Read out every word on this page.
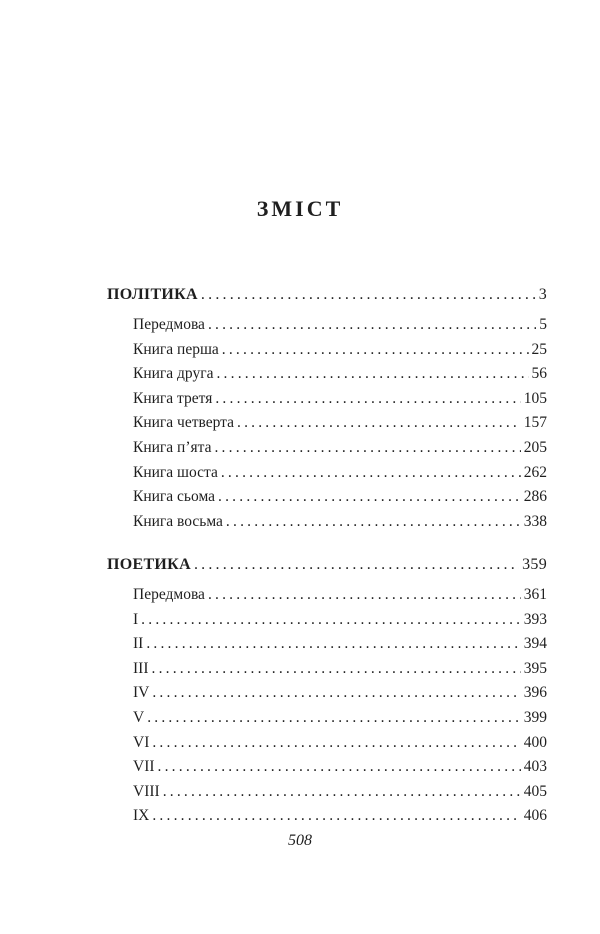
ЗМІСТ
ПОЛІТИКА .....	3
Передмова .....	5
Книга перша .....	25
Книга друга .....	56
Книга третя .....	105
Книга четверта .....	157
Книга п’ята .....	205
Книга шоста .....	262
Книга сьома .....	286
Книга восьма .....	338
ПОЕТИКА .....	359
Передмова .....	361
I .....	393
II .....	394
III .....	395
IV .....	396
V .....	399
VI .....	400
VII .....	403
VIII .....	405
IX .....	406
508
